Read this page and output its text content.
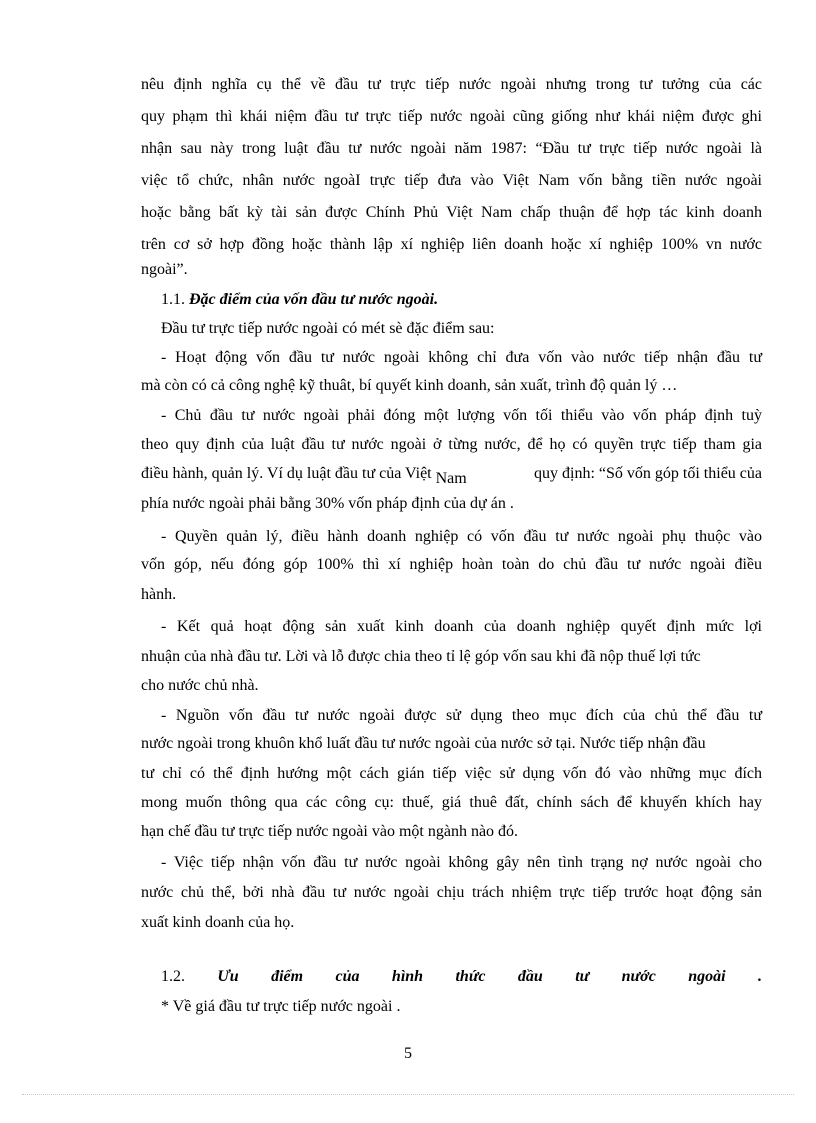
nêu định nghĩa cụ thể về đầu tư trực tiếp nước ngoài nhưng trong tư tưởng của các
quy phạm thì khái niệm đầu tư trực tiếp nước ngoài cũng giống như khái niệm được ghi
nhận sau này trong luật đầu tư nước ngoài năm 1987: “Đầu tư trực tiếp nước ngoài là
việc tổ chức, nhân nước ngoàI trực tiếp đưa vào Việt Nam vốn bằng tiền nước ngoài
hoặc bằng bất kỳ tài sản được Chính Phủ Việt Nam chấp thuận để hợp tác kinh doanh
trên cơ sở hợp đồng hoặc thành lập xí nghiệp liên doanh hoặc xí nghiệp 100% vn nước
ngoài”.
1.1. Đặc điểm của vốn đầu tư nước ngoài.
Đầu tư trực tiếp nước ngoài có mét sè đặc điểm sau:
- Hoạt động vốn đầu tư nước ngoài không chỉ đưa vốn vào nước tiếp nhận đầu tư
mà còn có cả công nghệ kỹ thuât, bí quyết kinh doanh, sản xuất, trình độ quản lý …
- Chủ đầu tư nước ngoài phải đóng một lượng vốn tối thiểu vào vốn pháp định tuỳ
theo quy định của luật đầu tư nước ngoài ở từng nước, để họ có quyền trực tiếp tham gia
điều hành, quản lý. Ví dụ luật đầu tư của Việt Nam	quy định: “Số vốn góp tối thiểu của
phía nước ngoài phải bằng 30% vốn pháp định của dự án .
- Quyền quản lý, điều hành doanh nghiệp có vốn đầu tư nước ngoài phụ thuộc vào
vốn góp, nếu đóng góp 100% thì xí nghiệp hoàn toàn do chủ đầu tư nước ngoài điều
hành.
- Kết quả hoạt động sản xuất kinh doanh của doanh nghiệp quyết định mức lợi
nhuận của nhà đầu tư. Lời và lỗ được chia theo tỉ lệ góp vốn sau khi đã nộp thuế lợi tức
cho nước chủ nhà.
- Nguồn vốn đầu tư nước ngoài được sử dụng theo mục đích của chủ thể đầu tư
nước ngoài trong khuôn khổ luất đầu tư nước ngoài của nước sở tại. Nước tiếp nhận đầu
tư chỉ có thể định hướng một cách gián tiếp việc sử dụng vốn đó vào những mục đích
mong muốn thông qua các công cụ: thuế, giá thuê đất, chính sách để khuyến khích hay
hạn chế đầu tư trực tiếp nước ngoài vào một ngành nào đó.
- Việc tiếp nhận vốn đầu tư nước ngoài không gây nên tình trạng nợ nước ngoài cho
nước chủ thể, bởi nhà đầu tư nước ngoài chịu trách nhiệm trực tiếp trước hoạt động sản
xuất kinh doanh của họ.
1.2. Ưu điểm của hình thức đầu tư nước ngoài .
* Về giá đầu tư trực tiếp nước ngoài .
5
